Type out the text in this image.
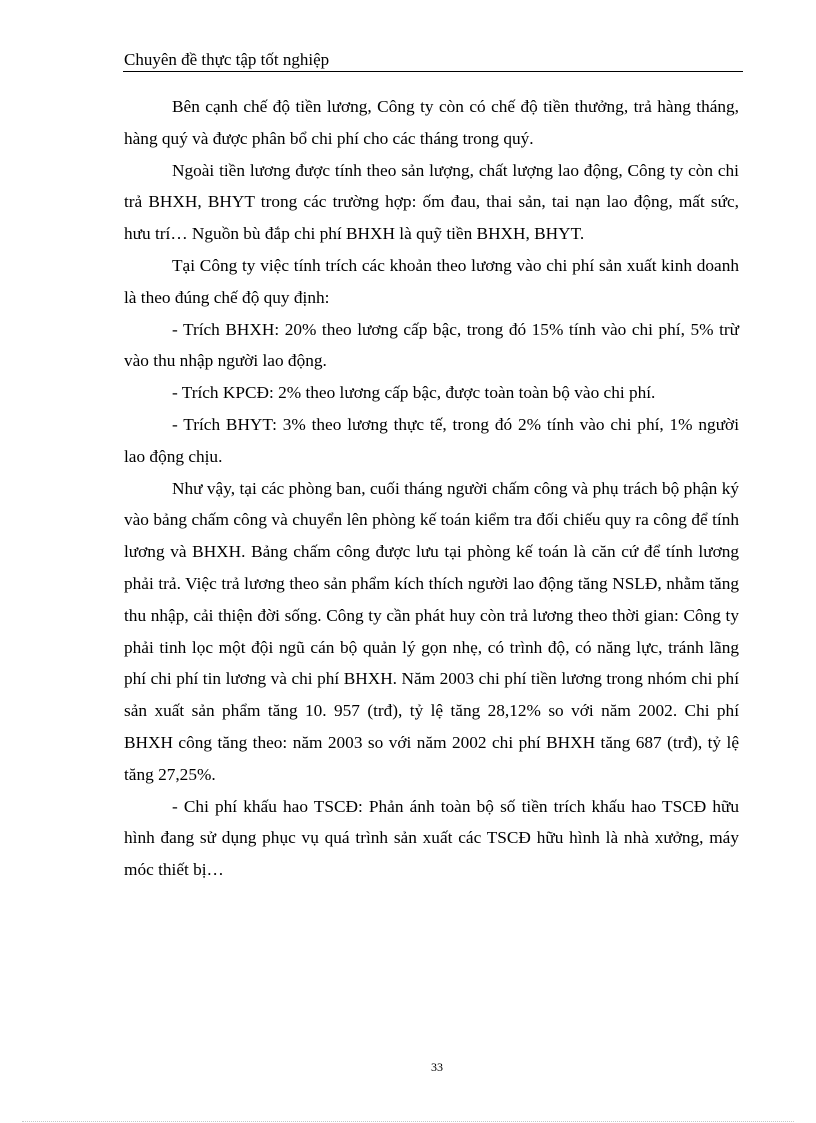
Chuyên đề thực tập tốt nghiệp

Bên cạnh chế độ tiền lương, Công ty còn có chế độ tiền thưởng, trả hàng tháng, hàng quý và được phân bổ chi phí cho các tháng trong quý.

Ngoài tiền lương được tính theo sản lượng, chất lượng lao động, Công ty còn chi trả BHXH, BHYT trong các trường hợp: ốm đau, thai sản, tai nạn lao động, mất sức, hưu trí… Nguồn bù đắp chi phí BHXH là quỹ tiền BHXH, BHYT.

Tại Công ty việc tính trích các khoản theo lương vào chi phí sản xuất kinh doanh là theo đúng chế độ quy định:

- Trích BHXH: 20% theo lương cấp bậc, trong đó 15% tính vào chi phí, 5% trừ vào thu nhập người lao động.

- Trích KPCĐ: 2% theo lương cấp bậc, được toàn toàn bộ vào chi phí.

- Trích BHYT: 3% theo lương thực tế, trong đó 2% tính vào chi phí, 1% người lao động chịu.

Như vậy, tại các phòng ban, cuối tháng người chấm công và phụ trách bộ phận ký vào bảng chấm công và chuyển lên phòng kế toán kiểm tra đối chiếu quy ra công để tính lương và BHXH. Bảng chấm công được lưu tại phòng kế toán là căn cứ để tính lương phải trả. Việc trả lương theo sản phẩm kích thích người lao động tăng NSLĐ, nhằm tăng thu nhập, cải thiện đời sống. Công ty cần phát huy còn trả lương theo thời gian: Công ty phải tinh lọc một đội ngũ cán bộ quản lý gọn nhẹ, có trình độ, có năng lực, tránh lãng phí chi phí tin lương và chi phí BHXH. Năm 2003 chi phí tiền lương trong nhóm chi phí sản xuất sản phẩm tăng 10. 957 (trđ), tỷ lệ tăng 28,12% so với năm 2002. Chi phí BHXH công tăng theo: năm 2003 so với năm 2002 chi phí BHXH tăng 687 (trđ), tỷ lệ tăng 27,25%.

- Chi phí khấu hao TSCĐ: Phản ánh toàn bộ số tiền trích khấu hao TSCĐ hữu hình đang sử dụng phục vụ quá trình sản xuất các TSCĐ hữu hình là nhà xưởng, máy móc thiết bị…

33
